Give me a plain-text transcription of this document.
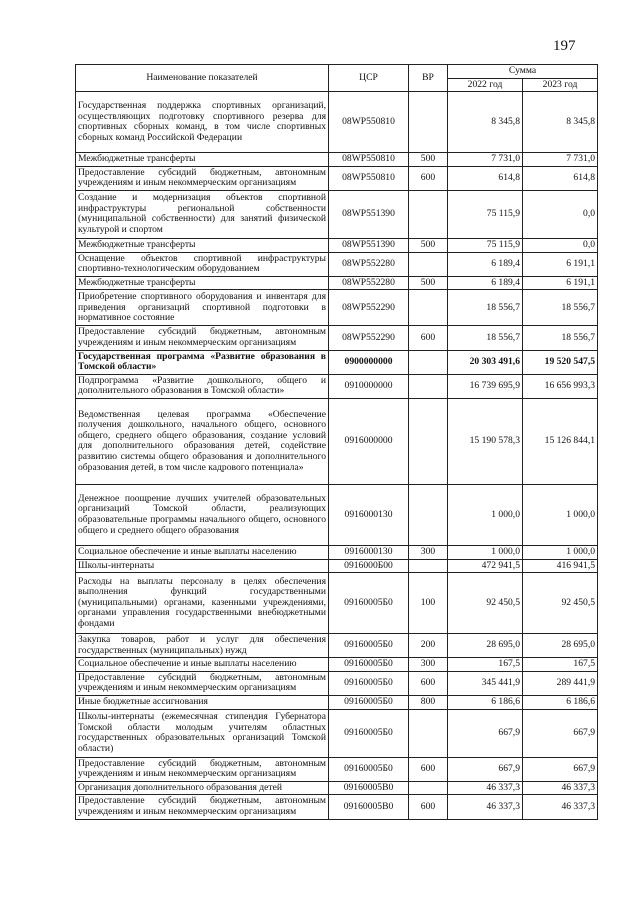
197
Наименование показателей	ЦСР	ВР	Сумма	
			2022 год	2023 год
Государственная поддержка спортивных организаций, осуществляющих подготовку спортивного резерва для спортивных сборных команд, в том числе спортивных сборных команд Российской Федерации	08WP550810		8 345,8	8 345,8
Межбюджетные трансферты	08WP550810	500	7 731,0	7 731,0
Предоставление субсидий бюджетным, автономным учреждениям и иным некоммерческим организациям	08WP550810	600	614,8	614,8
Создание и модернизация объектов спортивной инфраструктуры региональной собственности (муниципальной собственности) для занятий физической культурой и спортом	08WP551390		75 115,9	0,0
Межбюджетные трансферты	08WP551390	500	75 115,9	0,0
Оснащение объектов спортивной инфраструктуры спортивно-технологическим оборудованием	08WP552280		6 189,4	6 191,1
Межбюджетные трансферты	08WP552280	500	6 189,4	6 191,1
Приобретение спортивного оборудования и инвентаря для приведения организаций спортивной подготовки в нормативное состояние	08WP552290		18 556,7	18 556,7
Предоставление субсидий бюджетным, автономным учреждениям и иным некоммерческим организациям	08WP552290	600	18 556,7	18 556,7
Государственная программа «Развитие образования в Томской области»	0900000000		20 303 491,6	19 520 547,5
Подпрограмма «Развитие дошкольного, общего и дополнительного образования в Томской области»	0910000000		16 739 695,9	16 656 993,3
Ведомственная целевая программа «Обеспечение получения дошкольного, начального общего, основного общего, среднего общего образования, создание условий для дополнительного образования детей, содействие развитию системы общего образования и дополнительного образования детей, в том числе кадрового потенциала»	0916000000		15 190 578,3	15 126 844,1
Денежное поощрение лучших учителей образовательных организаций Томской области, реализующих образовательные программы начального общего, основного общего и среднего общего образования	0916000130		1 000,0	1 000,0
Социальное обеспечение и иные выплаты населению	0916000130	300	1 000,0	1 000,0
Школы-интернаты	0916000Б00		472 941,5	416 941,5
Расходы на выплаты персоналу в целях обеспечения выполнения функций государственными (муниципальными) органами, казенными учреждениями, органами управления государственными внебюджетными фондами	09160005Б0	100	92 450,5	92 450,5
Закупка товаров, работ и услуг для обеспечения государственных (муниципальных) нужд	09160005Б0	200	28 695,0	28 695,0
Социальное обеспечение и иные выплаты населению	09160005Б0	300	167,5	167,5
Предоставление субсидий бюджетным, автономным учреждениям и иным некоммерческим организациям	09160005Б0	600	345 441,9	289 441,9
Иные бюджетные ассигнования	09160005Б0	800	6 186,6	6 186,6
Школы-интернаты (ежемесячная стипендия Губернатора Томской области молодым учителям областных государственных образовательных организаций Томской области)	09160005Б0		667,9	667,9
Предоставление субсидий бюджетным, автономным учреждениям и иным некоммерческим организациям	09160005Б0	600	667,9	667,9
Организация дополнительного образования детей	09160005В0		46 337,3	46 337,3
Предоставление субсидий бюджетным, автономным учреждениям и иным некоммерческим организациям	09160005В0	600	46 337,3	46 337,3
